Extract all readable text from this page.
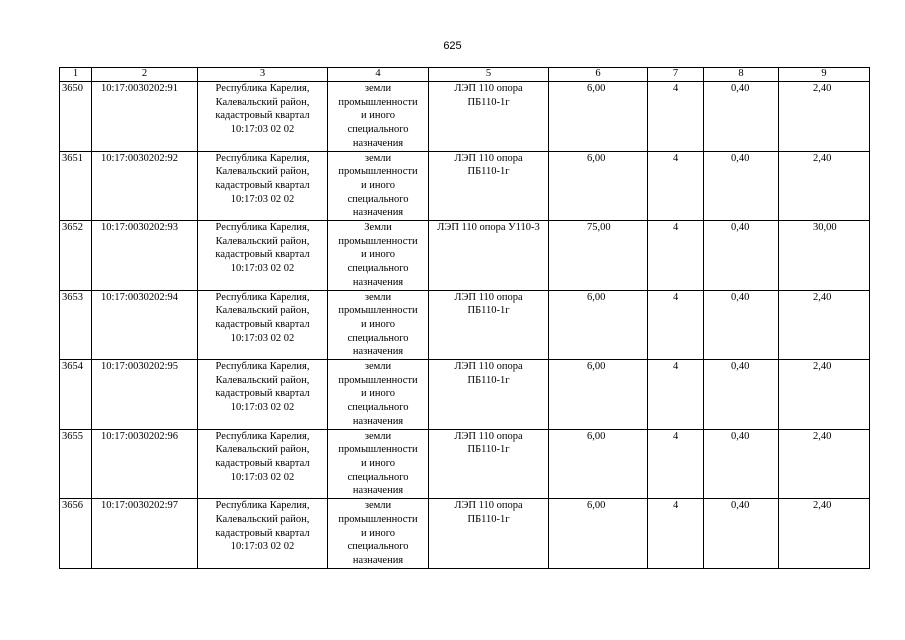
625
1	2	3	4	5	6	7	8	9
3650	10:17:0030202:91	Республика Карелия,
Калевальский район,
кадастровый квартал
10:17:03 02 02	земли
промышленности
и иного
специального
назначения	ЛЭП 110 опора
ПБ110-1г	6,00	4	0,40	2,40
3651	10:17:0030202:92	Республика Карелия,
Калевальский район,
кадастровый квартал
10:17:03 02 02	земли
промышленности
и иного
специального
назначения	ЛЭП 110 опора
ПБ110-1г	6,00	4	0,40	2,40
3652	10:17:0030202:93	Республика Карелия,
Калевальский район,
кадастровый квартал
10:17:03 02 02	Земли
промышленности
и иного
специального
назначения	ЛЭП 110 опора У110-3	75,00	4	0,40	30,00
3653	10:17:0030202:94	Республика Карелия,
Калевальский район,
кадастровый квартал
10:17:03 02 02	земли
промышленности
и иного
специального
назначения	ЛЭП 110 опора
ПБ110-1г	6,00	4	0,40	2,40
3654	10:17:0030202:95	Республика Карелия,
Калевальский район,
кадастровый квартал
10:17:03 02 02	земли
промышленности
и иного
специального
назначения	ЛЭП 110 опора
ПБ110-1г	6,00	4	0,40	2,40
3655	10:17:0030202:96	Республика Карелия,
Калевальский район,
кадастровый квартал
10:17:03 02 02	земли
промышленности
и иного
специального
назначения	ЛЭП 110 опора
ПБ110-1г	6,00	4	0,40	2,40
3656	10:17:0030202:97	Республика Карелия,
Калевальский район,
кадастровый квартал
10:17:03 02 02	земли
промышленности
и иного
специального
назначения	ЛЭП 110 опора
ПБ110-1г	6,00	4	0,40	2,40
